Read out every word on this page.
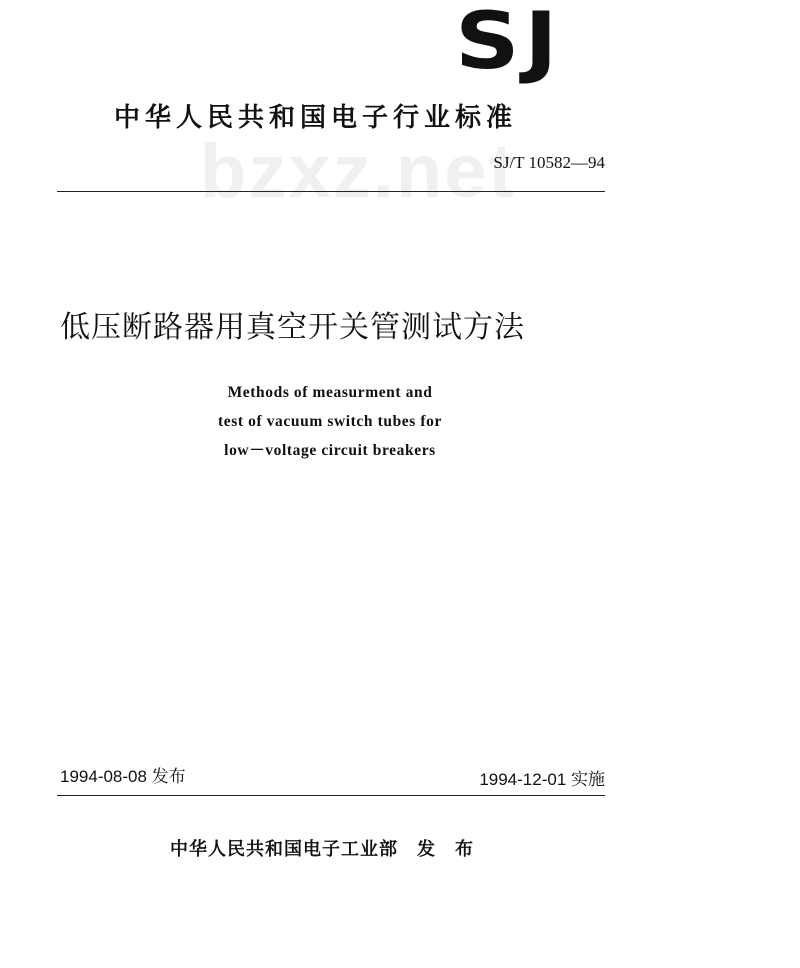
SJ
bzxz.net
中华人民共和国电子行业标准
SJ/T 10582—94
低压断路器用真空开关管测试方法
Methods of measurment and
test of vacuum switch tubes for
low－voltage circuit breakers
1994-08-08 发布	1994-12-01 实施
中华人民共和国电子工业部　发　布
